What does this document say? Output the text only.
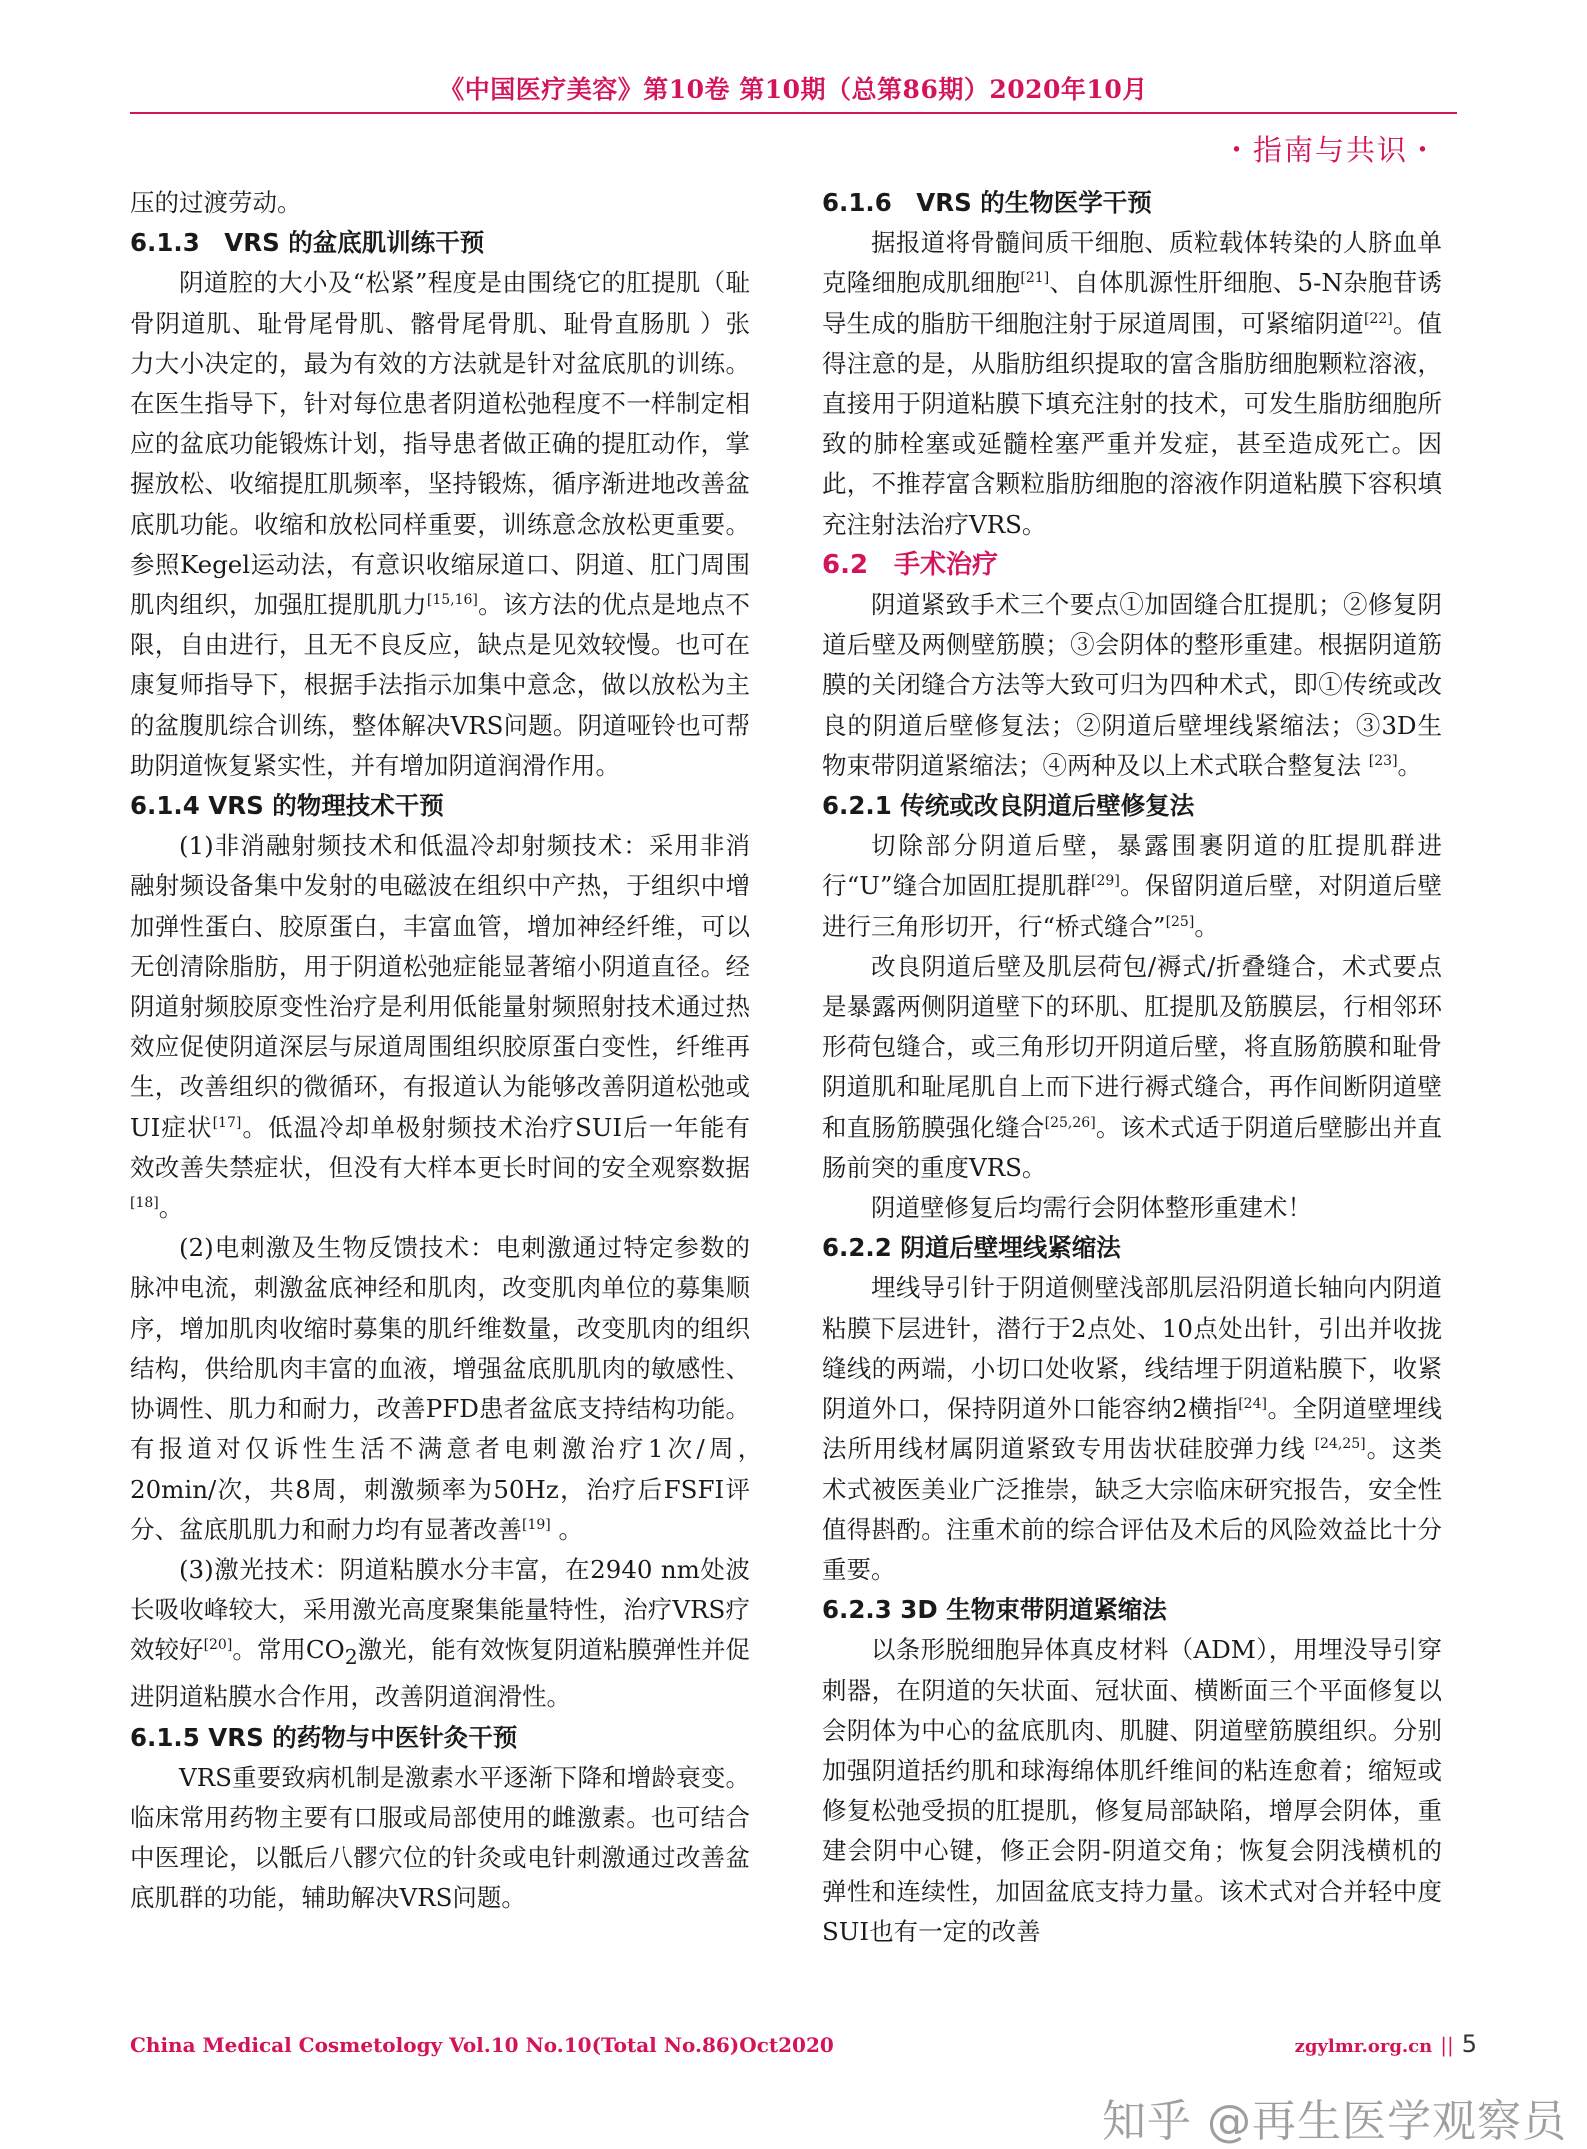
《中国医疗美容》第10卷 第10期（总第86期）2020年10月
・指南与共识・

压的过渡劳动。

6.1.3　VRS 的盆底肌训练干预

阴道腔的大小及“松紧”程度是由围绕它的肛提肌（耻骨阴道肌、耻骨尾骨肌、髂骨尾骨肌、耻骨直肠肌 ）张力大小决定的，最为有效的方法就是针对盆底肌的训练。在医生指导下，针对每位患者阴道松弛程度不一样制定相应的盆底功能锻炼计划，指导患者做正确的提肛动作，掌握放松、收缩提肛肌频率，坚持锻炼，循序渐进地改善盆底肌功能。收缩和放松同样重要，训练意念放松更重要。参照Kegel运动法，有意识收缩尿道口、阴道、肛门周围肌肉组织，加强肛提肌肌力[15,16]。该方法的优点是地点不限，自由进行，且无不良反应，缺点是见效较慢。也可在康复师指导下，根据手法指示加集中意念，做以放松为主的盆腹肌综合训练，整体解决VRS问题。阴道哑铃也可帮助阴道恢复紧实性，并有增加阴道润滑作用。

6.1.4 VRS 的物理技术干预

(1)非消融射频技术和低温冷却射频技术：采用非消融射频设备集中发射的电磁波在组织中产热，于组织中增加弹性蛋白、胶原蛋白，丰富血管，增加神经纤维，可以无创清除脂肪，用于阴道松弛症能显著缩小阴道直径。经阴道射频胶原变性治疗是利用低能量射频照射技术通过热效应促使阴道深层与尿道周围组织胶原蛋白变性，纤维再生，改善组织的微循环，有报道认为能够改善阴道松弛或UI症状[17]。低温冷却单极射频技术治疗SUI后一年能有效改善失禁症状，但没有大样本更长时间的安全观察数据[18]。

(2)电刺激及生物反馈技术：电刺激通过特定参数的脉冲电流，刺激盆底神经和肌肉，改变肌肉单位的募集顺序，增加肌肉收缩时募集的肌纤维数量，改变肌肉的组织结构，供给肌肉丰富的血液，增强盆底肌肌肉的敏感性、协调性、肌力和耐力，改善PFD患者盆底支持结构功能。有报道对仅诉性生活不满意者电刺激治疗1次/周，　20min/次，共8周，刺激频率为50Hz，治疗后FSFI评分、盆底肌肌力和耐力均有显著改善[19] 。

(3)激光技术：阴道粘膜水分丰富，在2940 nm处波长吸收峰较大，采用激光高度聚集能量特性，治疗VRS疗效较好[20]。常用$CO_2$激光，能有效恢复阴道粘膜弹性并促进阴道粘膜水合作用，改善阴道润滑性。

6.1.5 VRS 的药物与中医针灸干预

VRS重要致病机制是激素水平逐渐下降和增龄衰变。临床常用药物主要有口服或局部使用的雌激素。也可结合中医理论，以骶后八髎穴位的针灸或电针刺激通过改善盆底肌群的功能，辅助解决VRS问题。

6.1.6　VRS 的生物医学干预

据报道将骨髓间质干细胞、质粒载体转染的人脐血单克隆细胞成肌细胞[21]、自体肌源性肝细胞、5-N杂胞苷诱导生成的脂肪干细胞注射于尿道周围，可紧缩阴道[22]。值得注意的是，从脂肪组织提取的富含脂肪细胞颗粒溶液，直接用于阴道粘膜下填充注射的技术，可发生脂肪细胞所致的肺栓塞或延髓栓塞严重并发症，甚至造成死亡。因此，不推荐富含颗粒脂肪细胞的溶液作阴道粘膜下容积填充注射法治疗VRS。

6.2　手术治疗

阴道紧致手术三个要点①加固缝合肛提肌；②修复阴道后壁及两侧壁筋膜；③会阴体的整形重建。根据阴道筋膜的关闭缝合方法等大致可归为四种术式，即①传统或改良的阴道后壁修复法；②阴道后壁埋线紧缩法；③3D生物束带阴道紧缩法；④两种及以上术式联合整复法 [23]。

6.2.1 传统或改良阴道后壁修复法

切除部分阴道后壁，暴露围裹阴道的肛提肌群进行“U”缝合加固肛提肌群[29]。保留阴道后壁，对阴道后壁进行三角形切开，行“桥式缝合”[25]。

改良阴道后壁及肌层荷包/褥式/折叠缝合，术式要点是暴露两侧阴道壁下的环肌、肛提肌及筋膜层，行相邻环形荷包缝合，或三角形切开阴道后壁，将直肠筋膜和耻骨阴道肌和耻尾肌自上而下进行褥式缝合，再作间断阴道壁和直肠筋膜强化缝合[25,26]。该术式适于阴道后壁膨出并直肠前突的重度VRS。

阴道壁修复后均需行会阴体整形重建术！

6.2.2 阴道后壁埋线紧缩法

埋线导引针于阴道侧壁浅部肌层沿阴道长轴向内阴道粘膜下层进针，潜行于2点处、10点处出针，引出并收拢缝线的两端，小切口处收紧，线结埋于阴道粘膜下，收紧阴道外口，保持阴道外口能容纳2横指[24]。全阴道壁埋线法所用线材属阴道紧致专用齿状硅胶弹力线 [24,25]。这类术式被医美业广泛推崇，缺乏大宗临床研究报告，安全性值得斟酌。注重术前的综合评估及术后的风险效益比十分重要。

6.2.3 3D 生物束带阴道紧缩法

以条形脱细胞异体真皮材料（ADM），用埋没导引穿刺器，在阴道的矢状面、冠状面、横断面三个平面修复以会阴体为中心的盆底肌肉、肌腱、阴道壁筋膜组织。分别加强阴道括约肌和球海绵体肌纤维间的粘连愈着；缩短或修复松弛受损的肛提肌，修复局部缺陷，增厚会阴体，重建会阴中心键，修正会阴-阴道交角；恢复会阴浅横机的弹性和连续性，加固盆底支持力量。该术式对合并轻中度SUI也有一定的改善

China Medical Cosmetology Vol.10 No.10(Total No.86)Oct2020	zgylmr.org.cn || 5
知乎 @再生医学观察员
